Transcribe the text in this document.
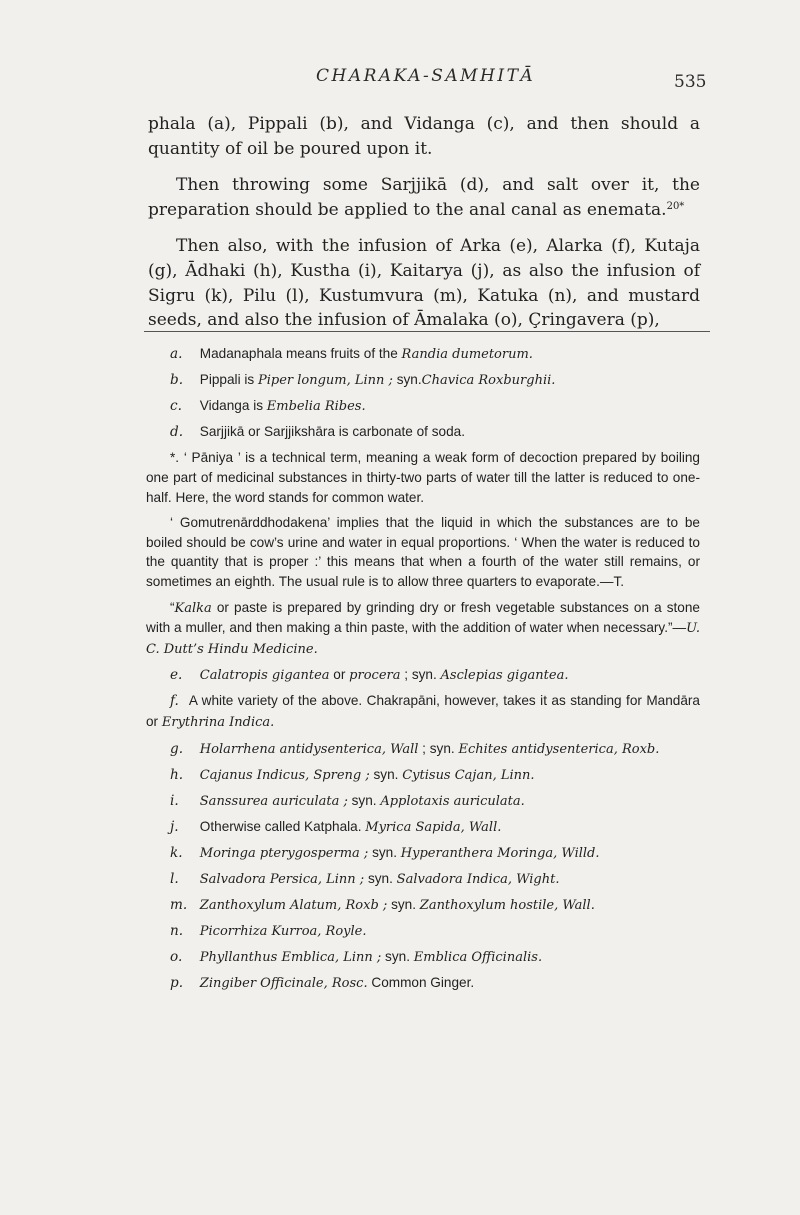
CHARAKA-SAMHITĀ	535

phala (a), Pippali (b), and Vidanga (c), and then should a quantity of oil be poured upon it.

Then throwing some Sarjjikā (d), and salt over it, the preparation should be applied to the anal canal as enemata.$^{20*}$

Then also, with the infusion of Arka (e), Alarka (f), Kutaja (g), Ādhaki (h), Kustha (i), Kaitarya (j), as also the infusion of Sigru (k), Pilu (l), Kustumvura (m), Katuka (n), and mustard seeds, and also the infusion of Āmalaka (o), Çringavera (p),

a. Madanaphala means fruits of the Randia dumetorum.
b. Pippali is Piper longum, Linn ; syn.Chavica Roxburghii.
c. Vidanga is Embelia Ribes.
d. Sarjjikā or Sarjjikshāra is carbonate of soda.
*. ‘ Pāniya ’ is a technical term, meaning a weak form of decoction prepared by boiling one part of medicinal substances in thirty-two parts of water till the latter is reduced to one-half. Here, the word stands for common water.
‘ Gomutrenārddhodakena’ implies that the liquid in which the substances are to be boiled should be cow’s urine and water in equal proportions. ‘ When the water is reduced to the quantity that is proper :’ this means that when a fourth of the water still remains, or sometimes an eighth. The usual rule is to allow three quarters to evaporate.—T.
“Kalka or paste is prepared by grinding dry or fresh vegetable substances on a stone with a muller, and then making a thin paste, with the addition of water when necessary.”—U. C. Dutt’s Hindu Medicine.
e. Calatropis gigantea or procera ; syn. Asclepias gigantea.
f. A white variety of the above. Chakrapāni, however, takes it as standing for Mandāra or Erythrina Indica.
g. Holarrhena antidysenterica, Wall ; syn. Echites antidysenterica, Roxb.
h. Cajanus Indicus, Spreng ; syn. Cytisus Cajan, Linn.
i. Sanssurea auriculata ; syn. Applotaxis auriculata.
j. Otherwise called Katphala. Myrica Sapida, Wall.
k. Moringa pterygosperma ; syn. Hyperanthera Moringa, Willd.
l. Salvadora Persica, Linn ; syn. Salvadora Indica, Wight.
m. Zanthoxylum Alatum, Roxb ; syn. Zanthoxylum hostile, Wall.
n. Picorrhiza Kurroa, Royle.
o. Phyllanthus Emblica, Linn ; syn. Emblica Officinalis.
p. Zingiber Officinale, Rosc. Common Ginger.
